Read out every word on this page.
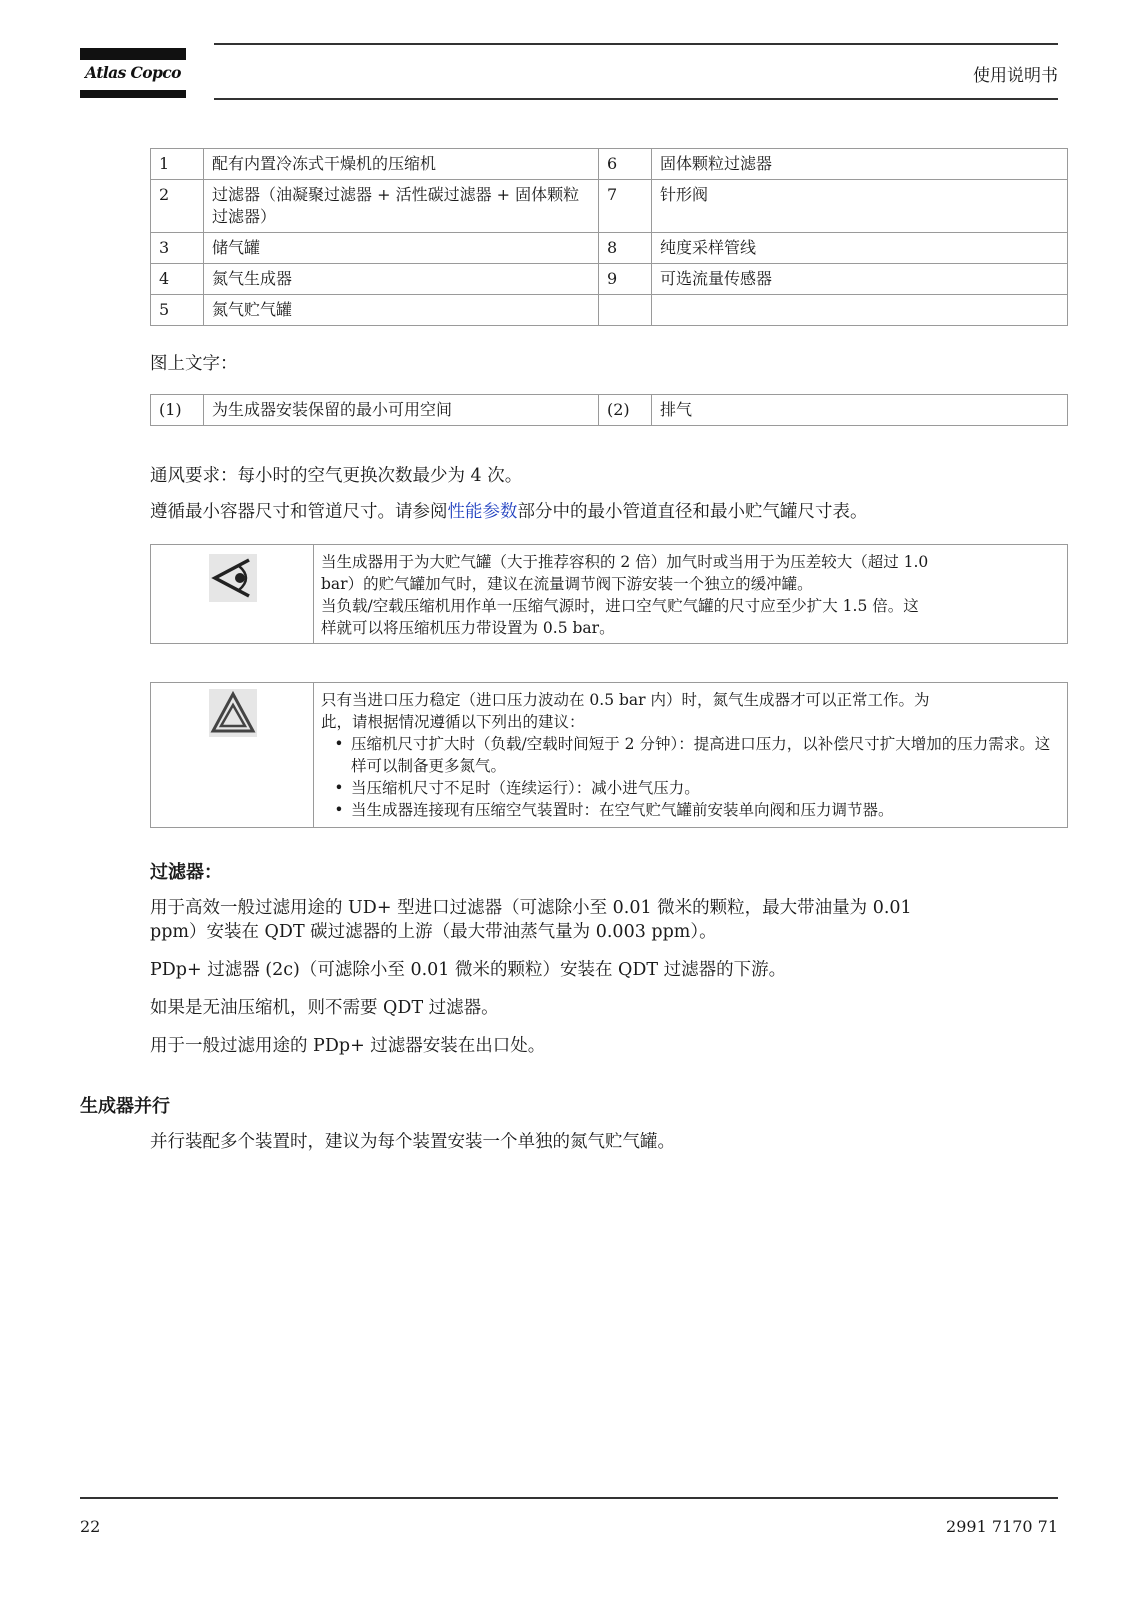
Atlas Copco	使用说明书
1	配有内置冷冻式干燥机的压缩机	6	固体颗粒过滤器
2	过滤器（油凝聚过滤器 + 活性碳过滤器 + 固体颗粒过滤器）	7	针形阀
3	储气罐	8	纯度采样管线
4	氮气生成器	9	可选流量传感器
5	氮气贮气罐		
图上文字：
(1)	为生成器安装保留的最小可用空间	(2)	排气
通风要求：每小时的空气更换次数最少为 4 次。
遵循最小容器尺寸和管道尺寸。请参阅性能参数部分中的最小管道直径和最小贮气罐尺寸表。
当生成器用于为大贮气罐（大于推荐容积的 2 倍）加气时或当用于为压差较大（超过 1.0
bar）的贮气罐加气时，建议在流量调节阀下游安装一个独立的缓冲罐。
当负载/空载压缩机用作单一压缩气源时，进口空气贮气罐的尺寸应至少扩大 1.5 倍。这
样就可以将压缩机压力带设置为 0.5 bar。
只有当进口压力稳定（进口压力波动在 0.5 bar 内）时，氮气生成器才可以正常工作。为
此，请根据情况遵循以下列出的建议：
• 压缩机尺寸扩大时（负载/空载时间短于 2 分钟）：提高进口压力，以补偿尺寸扩大增加的压力需求。这样可以制备更多氮气。
• 当压缩机尺寸不足时（连续运行）：减小进气压力。
• 当生成器连接现有压缩空气装置时：在空气贮气罐前安装单向阀和压力调节器。
过滤器：
用于高效一般过滤用途的 UD+ 型进口过滤器（可滤除小至 0.01 微米的颗粒，最大带油量为 0.01
ppm）安装在 QDT 碳过滤器的上游（最大带油蒸气量为 0.003 ppm）。
PDp+ 过滤器 (2c)（可滤除小至 0.01 微米的颗粒）安装在 QDT 过滤器的下游。
如果是无油压缩机，则不需要 QDT 过滤器。
用于一般过滤用途的 PDp+ 过滤器安装在出口处。
生成器并行
并行装配多个装置时，建议为每个装置安装一个单独的氮气贮气罐。
22	2991 7170 71
